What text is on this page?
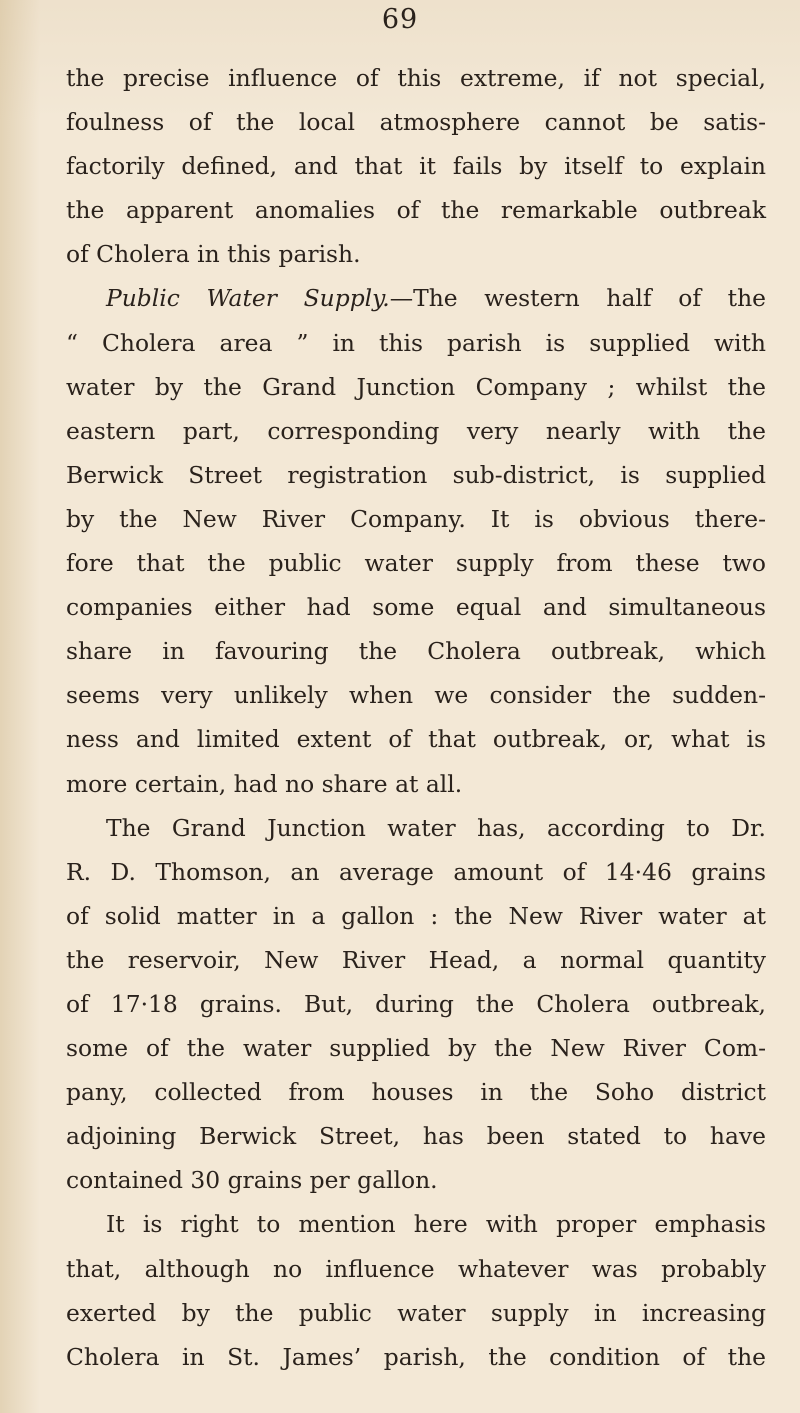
69
the precise influence of this extreme, if not special,
foulness of the local atmosphere cannot be satis-
factorily defined, and that it fails by itself to explain
the apparent anomalies of the remarkable outbreak
of Cholera in this parish.
Public Water Supply.—The western half of the
“ Cholera area ” in this parish is supplied with
water by the Grand Junction Company ; whilst the
eastern part, corresponding very nearly with the
Berwick Street registration sub-district, is supplied
by the New River Company. It is obvious there-
fore that the public water supply from these two
companies either had some equal and simultaneous
share in favouring the Cholera outbreak, which
seems very unlikely when we consider the sudden-
ness and limited extent of that outbreak, or, what is
more certain, had no share at all.
The Grand Junction water has, according to Dr.
R. D. Thomson, an average amount of 14·46 grains
of solid matter in a gallon : the New River water at
the reservoir, New River Head, a normal quantity
of 17·18 grains. But, during the Cholera outbreak,
some of the water supplied by the New River Com-
pany, collected from houses in the Soho district
adjoining Berwick Street, has been stated to have
contained 30 grains per gallon.
It is right to mention here with proper emphasis
that, although no influence whatever was probably
exerted by the public water supply in increasing
Cholera in St. James’ parish, the condition of the
